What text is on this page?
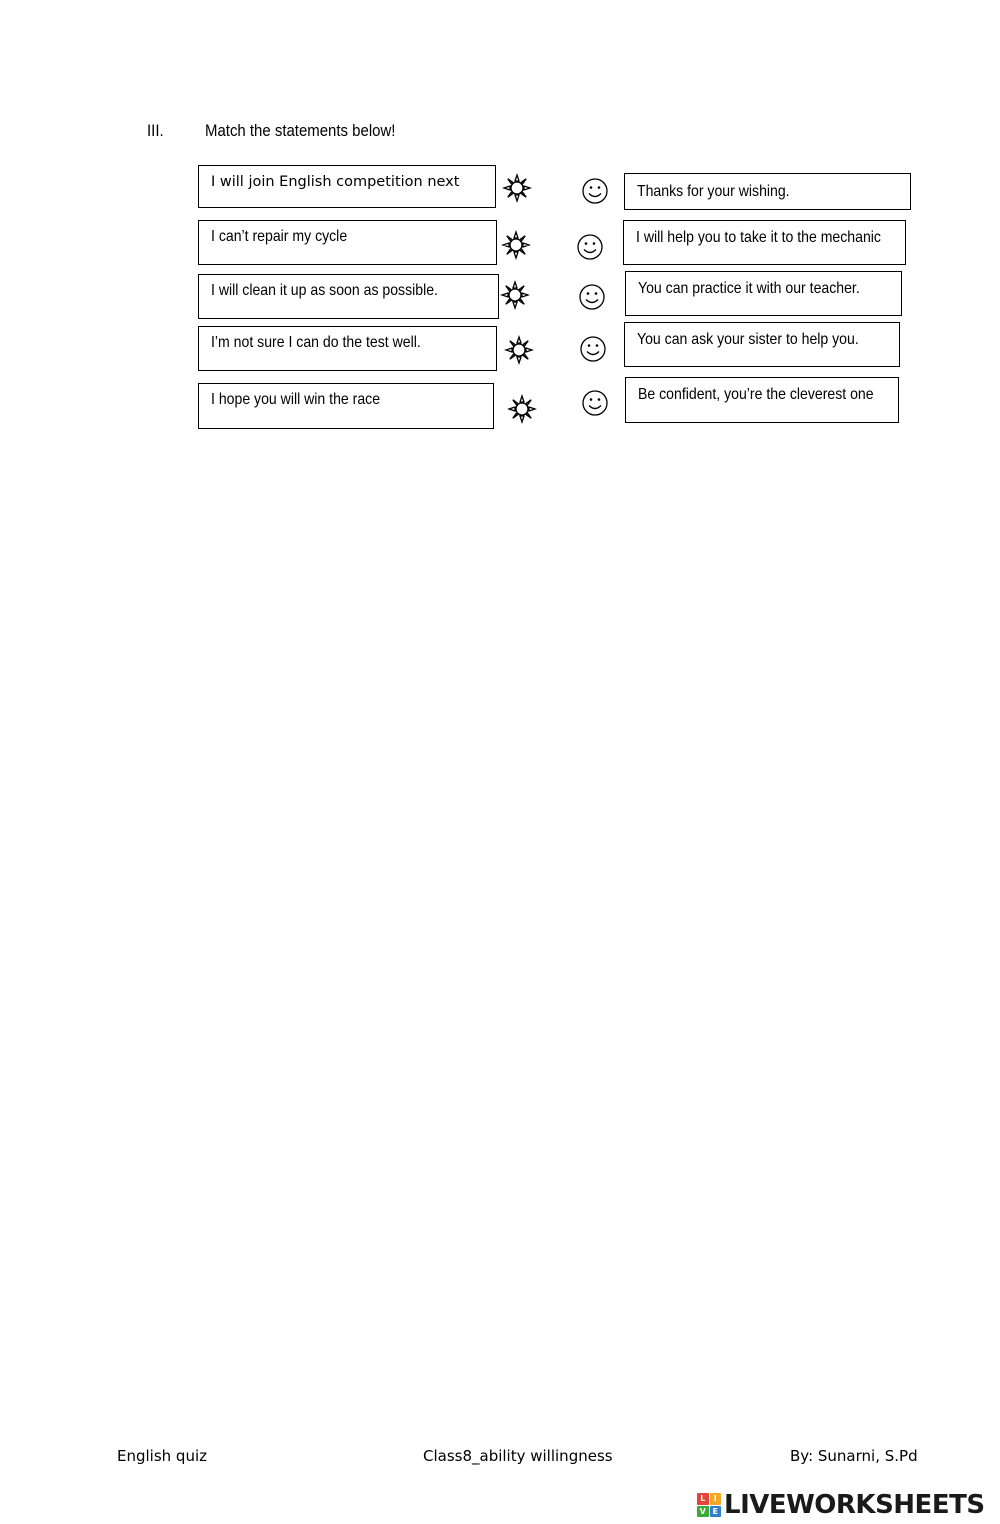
III. Match the statements below!
I will join English competition next
I can’t repair my cycle
I will clean it up as soon as possible.
I’m not sure I can do the test well.
I hope you will win the race
Thanks for your wishing.
I will help you to take it to the mechanic
You can practice it with our teacher.
You can ask your sister to help you.
Be confident, you’re the cleverest one
English quiz	Class8_ability willingness	By: Sunarni, S.Pd
L	I
V E LIVEWORKSHEETS
